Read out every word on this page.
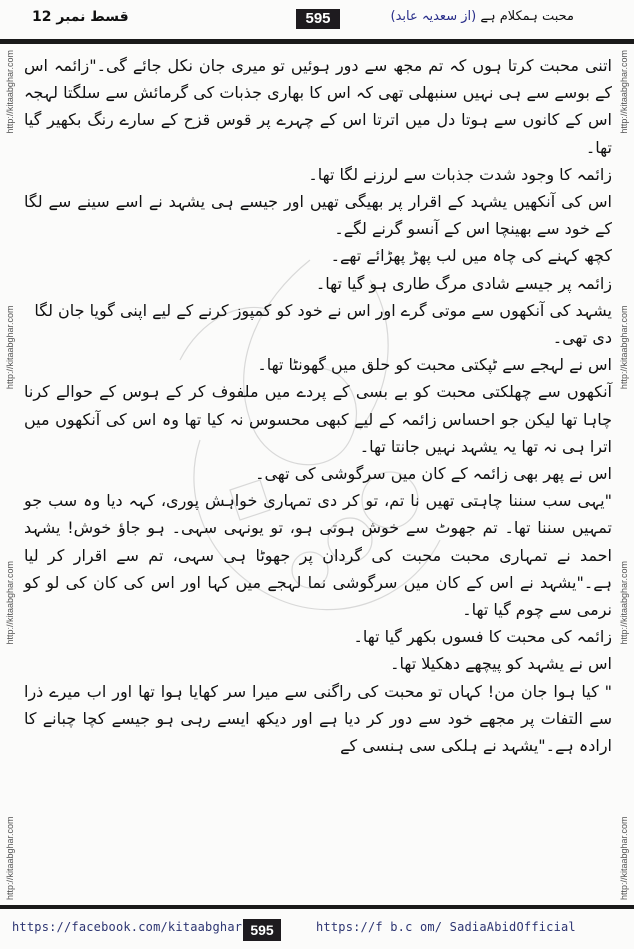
قسط نمبر 12	595	محبت ہمکلام ہے (از سعدیہ عابد)
http://kitaabghar.com
http://kitaabghar.com
http://kitaabghar.com
http://kitaabghar.com
http://kitaabghar.com
http://kitaabghar.com
http://kitaabghar.com
http://kitaabghar.com

اتنی محبت کرتا ہوں کہ تم مجھ سے دور ہوئیں تو میری جان نکل جائے گی۔"زائمہ اس کے بوسے سے ہی نہیں سنبھلی تھی کہ اس کا بھاری جذبات کی گرمائش سے سلگتا لہجہ اس کے کانوں سے ہوتا دل میں اترتا اس کے چہرے پر قوس قزح کے سارے رنگ بکھیر گیا تھا۔

زائمہ کا وجود شدت جذبات سے لرزنے لگا تھا۔

اس کی آنکھیں یشہد کے اقرار پر بھیگی تھیں اور جیسے ہی یشہد نے اسے سینے سے لگا کے خود سے بھینچا اس کے آنسو گرنے لگے۔

کچھ کہنے کی چاہ میں لب پھڑ پھڑائے تھے۔

زائمہ پر جیسے شادی مرگ طاری ہو گیا تھا۔

یشہد کی آنکھوں سے موتی گرے اور اس نے خود کو کمپوز کرنے کے لیے اپنی گویا جان لگا دی تھی۔

اس نے لہجے سے ٹپکتی محبت کو حلق میں گھونٹا تھا۔

آنکھوں سے چھلکتی محبت کو بے بسی کے پردے میں ملفوف کر کے ہوس کے حوالے کرنا چاہا تھا لیکن جو احساس زائمہ کے لیے کبھی محسوس نہ کیا تھا وہ اس کی آنکھوں میں اترا ہی نہ تھا یہ یشہد نہیں جانتا تھا۔

اس نے پھر بھی زائمہ کے کان میں سرگوشی کی تھی۔

"یہی سب سننا چاہتی تھیں نا تم، تو کر دی تمہاری خواہش پوری، کہہ دیا وہ سب جو تمہیں سننا تھا۔ تم جھوٹ سے خوش ہوتی ہو، تو یونہی سہی۔ ہو جاؤ خوش! یشہد احمد نے تمہاری محبت محبت کی گردان پر جھوٹا ہی سہی، تم سے اقرار کر لیا ہے۔"یشہد نے اس کے کان میں سرگوشی نما لہجے میں کہا اور اس کی کان کی لو کو نرمی سے چوم گیا تھا۔

زائمہ کی محبت کا فسوں بکھر گیا تھا۔

اس نے یشہد کو پیچھے دھکیلا تھا۔

" کیا ہوا جان من! کہاں تو محبت کی راگنی سے میرا سر کھایا ہوا تھا اور اب میرے ذرا سے التفات پر مجھے خود سے دور کر دیا ہے اور دیکھ ایسے رہی ہو جیسے کچا چبانے کا ارادہ ہے۔"یشہد نے ہلکی سی ہنسی کے

https://facebook.com/kitaabghar 595	https://f b.c om/ SadiaAbidOfficial
